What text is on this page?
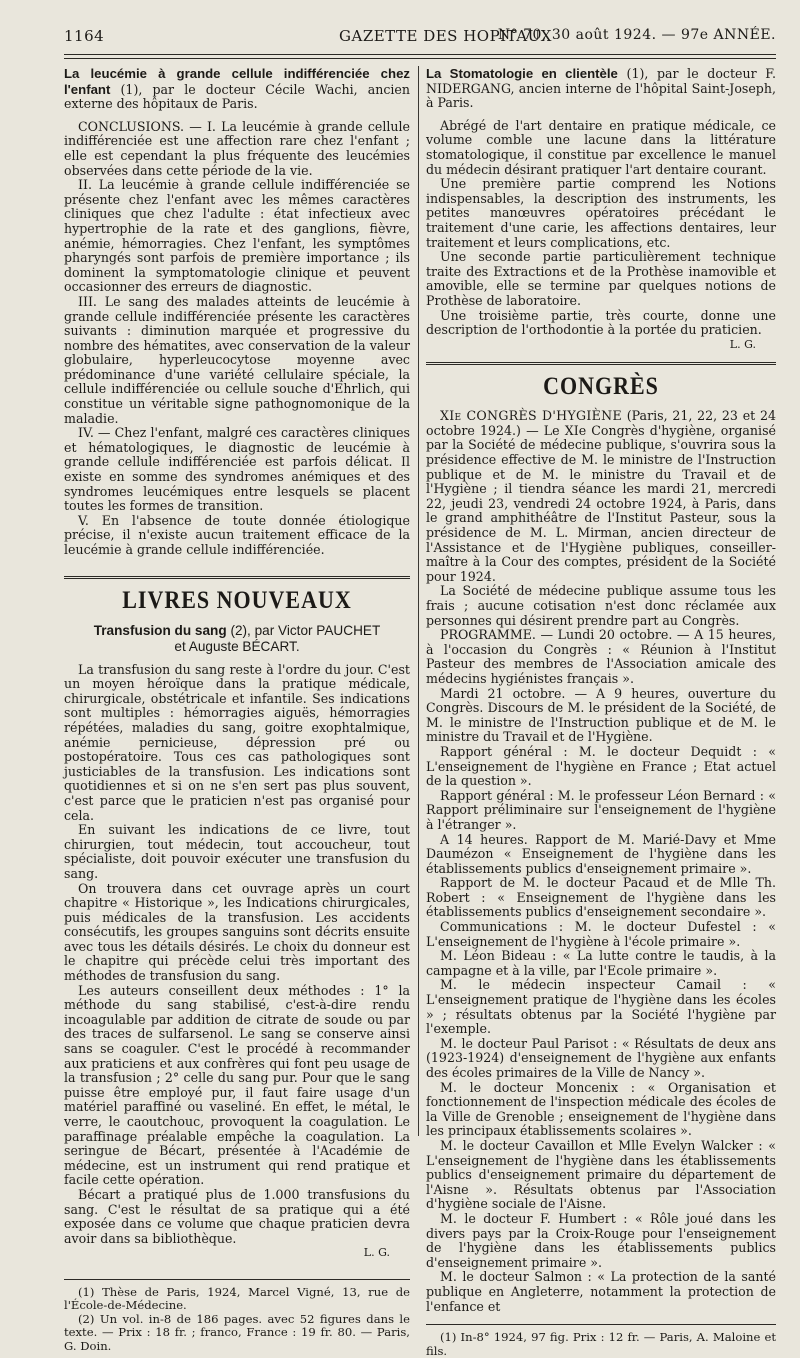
1164	GAZETTE DES HOPITAUX
N° 70, 30 août 1924. — 97e ANNÉE.

La leucémie à grande cellule indifférenciée chez l'enfant (1), par le docteur Cécile Wachi, ancien externe des hôpitaux de Paris.

CONCLUSIONS. — I. La leucémie à grande cellule indifférenciée est une affection rare chez l'enfant ; elle est cependant la plus fréquente des leucémies observées dans cette période de la vie.

II. La leucémie à grande cellule indifférenciée se présente chez l'enfant avec les mêmes caractères cliniques que chez l'adulte : état infectieux avec hypertrophie de la rate et des ganglions, fièvre, anémie, hémorragies. Chez l'enfant, les symptômes pharyngés sont parfois de première importance ; ils dominent la symptomatologie clinique et peuvent occasionner des erreurs de diagnostic.

III. Le sang des malades atteints de leucémie à grande cellule indifférenciée présente les caractères suivants : diminution marquée et progressive du nombre des hématites, avec conservation de la valeur globulaire, hyperleucocytose moyenne avec prédominance d'une variété cellulaire spéciale, la cellule indifférenciée ou cellule souche d'Ehrlich, qui constitue un véritable signe pathognomonique de la maladie.

IV. — Chez l'enfant, malgré ces caractères cliniques et hématologiques, le diagnostic de leucémie à grande cellule indifférenciée est parfois délicat. Il existe en somme des syndromes anémiques et des syndromes leucémiques entre lesquels se placent toutes les formes de transition.

V. En l'absence de toute donnée étiologique précise, il n'existe aucun traitement efficace de la leucémie à grande cellule indifférenciée.

LIVRES NOUVEAUX
Transfusion du sang (2), par Victor PAUCHET
et Auguste BÉCART.

La transfusion du sang reste à l'ordre du jour. C'est un moyen héroïque dans la pratique médicale, chirurgicale, obstétricale et infantile. Ses indications sont multiples : hémorragies aiguës, hémorragies répétées, maladies du sang, goitre exophtalmique, anémie pernicieuse, dépression pré ou postopératoire. Tous ces cas pathologiques sont justiciables de la transfusion. Les indications sont quotidiennes et si on ne s'en sert pas plus souvent, c'est parce que le praticien n'est pas organisé pour cela.

En suivant les indications de ce livre, tout chirurgien, tout médecin, tout accoucheur, tout spécialiste, doit pouvoir exécuter une transfusion du sang.

On trouvera dans cet ouvrage après un court chapitre « Historique », les Indications chirurgicales, puis médicales de la transfusion. Les accidents consécutifs, les groupes sanguins sont décrits ensuite avec tous les détails désirés. Le choix du donneur est le chapitre qui précède celui très important des méthodes de transfusion du sang.

Les auteurs conseillent deux méthodes : 1° la méthode du sang stabilisé, c'est-à-dire rendu incoagulable par addition de citrate de soude ou par des traces de sulfarsenol. Le sang se conserve ainsi sans se coaguler. C'est le procédé à recommander aux praticiens et aux confrères qui font peu usage de la transfusion ; 2° celle du sang pur. Pour que le sang puisse être employé pur, il faut faire usage d'un matériel paraffiné ou vaseliné. En effet, le métal, le verre, le caoutchouc, provoquent la coagulation. Le paraffinage préalable empêche la coagulation. La seringue de Bécart, présentée à l'Académie de médecine, est un instrument qui rend pratique et facile cette opération.

Bécart a pratiqué plus de 1.000 transfusions du sang. C'est le résultat de sa pratique qui a été exposée dans ce volume que chaque praticien devra avoir dans sa bibliothèque.

L. G.

(1) Thèse de Paris, 1924, Marcel Vigné, 13, rue de l'École-de-Médecine.

(2) Un vol. in-8 de 186 pages. avec 52 figures dans le texte. — Prix : 18 fr. ; franco, France : 19 fr. 80. — Paris, G. Doin.

La Stomatologie en clientèle (1), par le docteur F. NIDERGANG, ancien interne de l'hôpital Saint-Joseph, à Paris.

Abrégé de l'art dentaire en pratique médicale, ce volume comble une lacune dans la littérature stomatologique, il constitue par excellence le manuel du médecin désirant pratiquer l'art dentaire courant.

Une première partie comprend les Notions indispensables, la description des instruments, les petites manœuvres opératoires précédant le traitement d'une carie, les affections dentaires, leur traitement et leurs complications, etc.

Une seconde partie particulièrement technique traite des Extractions et de la Prothèse inamovible et amovible, elle se termine par quelques notions de Prothèse de laboratoire.

Une troisième partie, très courte, donne une description de l'orthodontie à la portée du praticien.

L. G.

CONGRÈS

XIe CONGRÈS D'HYGIÈNE (Paris, 21, 22, 23 et 24 octobre 1924.) — Le XIe Congrès d'hygiène, organisé par la Société de médecine publique, s'ouvrira sous la présidence effective de M. le ministre de l'Instruction publique et de M. le ministre du Travail et de l'Hygiène ; il tiendra séance les mardi 21, mercredi 22, jeudi 23, vendredi 24 octobre 1924, à Paris, dans le grand amphithéâtre de l'Institut Pasteur, sous la présidence de M. L. Mirman, ancien directeur de l'Assistance et de l'Hygiène publiques, conseiller-maître à la Cour des comptes, président de la Société pour 1924.

La Société de médecine publique assume tous les frais ; aucune cotisation n'est donc réclamée aux personnes qui désirent prendre part au Congrès.

PROGRAMME. — Lundi 20 octobre. — A 15 heures, à l'occasion du Congrès : « Réunion à l'Institut Pasteur des membres de l'Association amicale des médecins hygiénistes français ».

Mardi 21 octobre. — A 9 heures, ouverture du Congrès. Discours de M. le président de la Société, de M. le ministre de l'Instruction publique et de M. le ministre du Travail et de l'Hygiène.

Rapport général : M. le docteur Dequidt : « L'enseignement de l'hygiène en France ; Etat actuel de la question ».

Rapport général : M. le professeur Léon Bernard : « Rapport préliminaire sur l'enseignement de l'hygiène à l'étranger ».

A 14 heures. Rapport de M. Marié-Davy et Mme Daumézon « Enseignement de l'hygiène dans les établissements publics d'enseignement primaire ».

Rapport de M. le docteur Pacaud et de Mlle Th. Robert : « Enseignement de l'hygiène dans les établissements publics d'enseignement secondaire ».

Communications : M. le docteur Dufestel : « L'enseignement de l'hygiène à l'école primaire ».

M. Léon Bideau : « La lutte contre le taudis, à la campagne et à la ville, par l'Ecole primaire ».

M. le médecin inspecteur Camail : « L'enseignement pratique de l'hygiène dans les écoles » ; résultats obtenus par la Société l'hygiène par l'exemple.

M. le docteur Paul Parisot : « Résultats de deux ans (1923-1924) d'enseignement de l'hygiène aux enfants des écoles primaires de la Ville de Nancy ».

M. le docteur Moncenix : « Organisation et fonctionnement de l'inspection médicale des écoles de la Ville de Grenoble ; enseignement de l'hygiène dans les principaux établissements scolaires ».

M. le docteur Cavaillon et Mlle Evelyn Walcker : « L'enseignement de l'hygiène dans les établissements publics d'enseignement primaire du département de l'Aisne ». Résultats obtenus par l'Association d'hygiène sociale de l'Aisne.

M. le docteur F. Humbert : « Rôle joué dans les divers pays par la Croix-Rouge pour l'enseignement de l'hygiène dans les établissements publics d'enseignement primaire ».

M. le docteur Salmon : « La protection de la santé publique en Angleterre, notamment la protection de l'enfance et

(1) In-8° 1924, 97 fig. Prix : 12 fr. — Paris, A. Maloine et fils.
